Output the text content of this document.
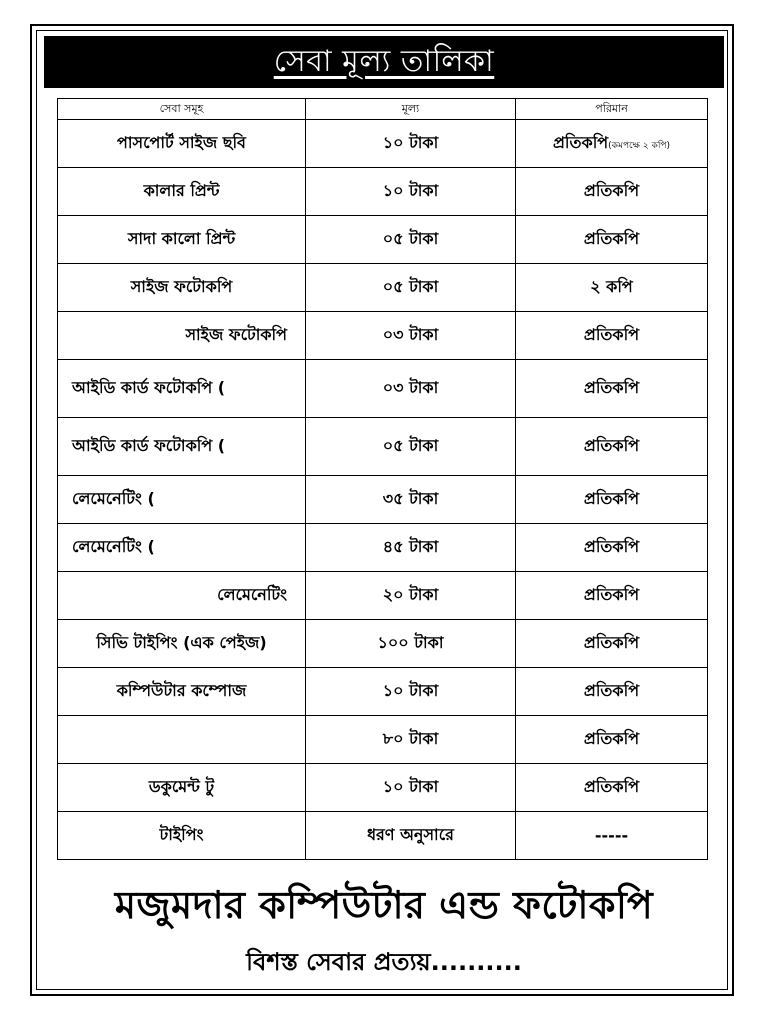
সেবা মূল্য তালিকা
সেবা সমূহ	মূল্য	পরিমান
পাসপোর্ট সাইজ ছবি	১০ টাকা	প্রতিকপি(কমপক্ষে ২ কপি)
কালার প্রিন্ট	১০ টাকা	প্রতিকপি
সাদা কালো প্রিন্ট	০৫ টাকা	প্রতিকপি
সাইজ ফটোকপি	০৫ টাকা	২ কপি
সাইজ ফটোকপি	০৩ টাকা	প্রতিকপি
আইডি কার্ড ফটোকপি (	০৩ টাকা	প্রতিকপি
আইডি কার্ড ফটোকপি (	০৫ টাকা	প্রতিকপি
লেমেনেটিং (	৩৫ টাকা	প্রতিকপি
লেমেনেটিং (	৪৫ টাকা	প্রতিকপি
লেমেনেটিং	২০ টাকা	প্রতিকপি
সিভি টাইপিং (এক পেইজ)	১০০ টাকা	প্রতিকপি
কম্পিউটার কম্পোজ	১০ টাকা	প্রতিকপি
	৮০ টাকা	প্রতিকপি
ডকুমেন্ট টু	১০ টাকা	প্রতিকপি
টাইপিং	ধরণ অনুসারে	-----
মজুমদার কম্পিউটার এন্ড ফটোকপি
বিশস্ত সেবার প্রত্যয়..........
